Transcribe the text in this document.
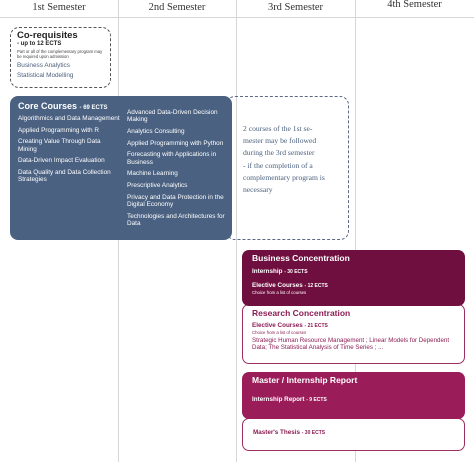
1st Semester	2nd Semester	3rd Semester	4th Semester
Co-requisites
- up to 12 ECTS
Part or all of the complementary program may be required upon admission
Business Analytics
Statistical Modelling
2 courses of the 1st se-
mester may be followed
during the 3rd semester
- if the completion of a
complementary program is
necessary
Core Courses - 69 ECTS
Algorithmics and Data Management
Applied Programming with R
Creating Value Through Data Mining
Data-Driven Impact Evaluation
Data Quality and Data Collection Strategies
Advanced Data-Driven Decision Making
Analytics Consulting
Applied Programming with Python
Forecasting with Applications in Business
Machine Learning
Prescriptive Analytics
Privacy and Data Protection in the Digital Economy
Technologies and Architectures for Data
Research Concentration
Elective Courses - 21 ECTS
Choice from a list of courses
Strategic Human Resource Management ; Linear Models for Dependent Data; The Statistical Analysis of Time Series ; ...
Business Concentration
Internship - 30 ECTS
Elective Courses - 12 ECTS
Choice from a list of courses
Master's Thesis - 30 ECTS
Master / Internship Report
Internship Report - 9 ECTS
